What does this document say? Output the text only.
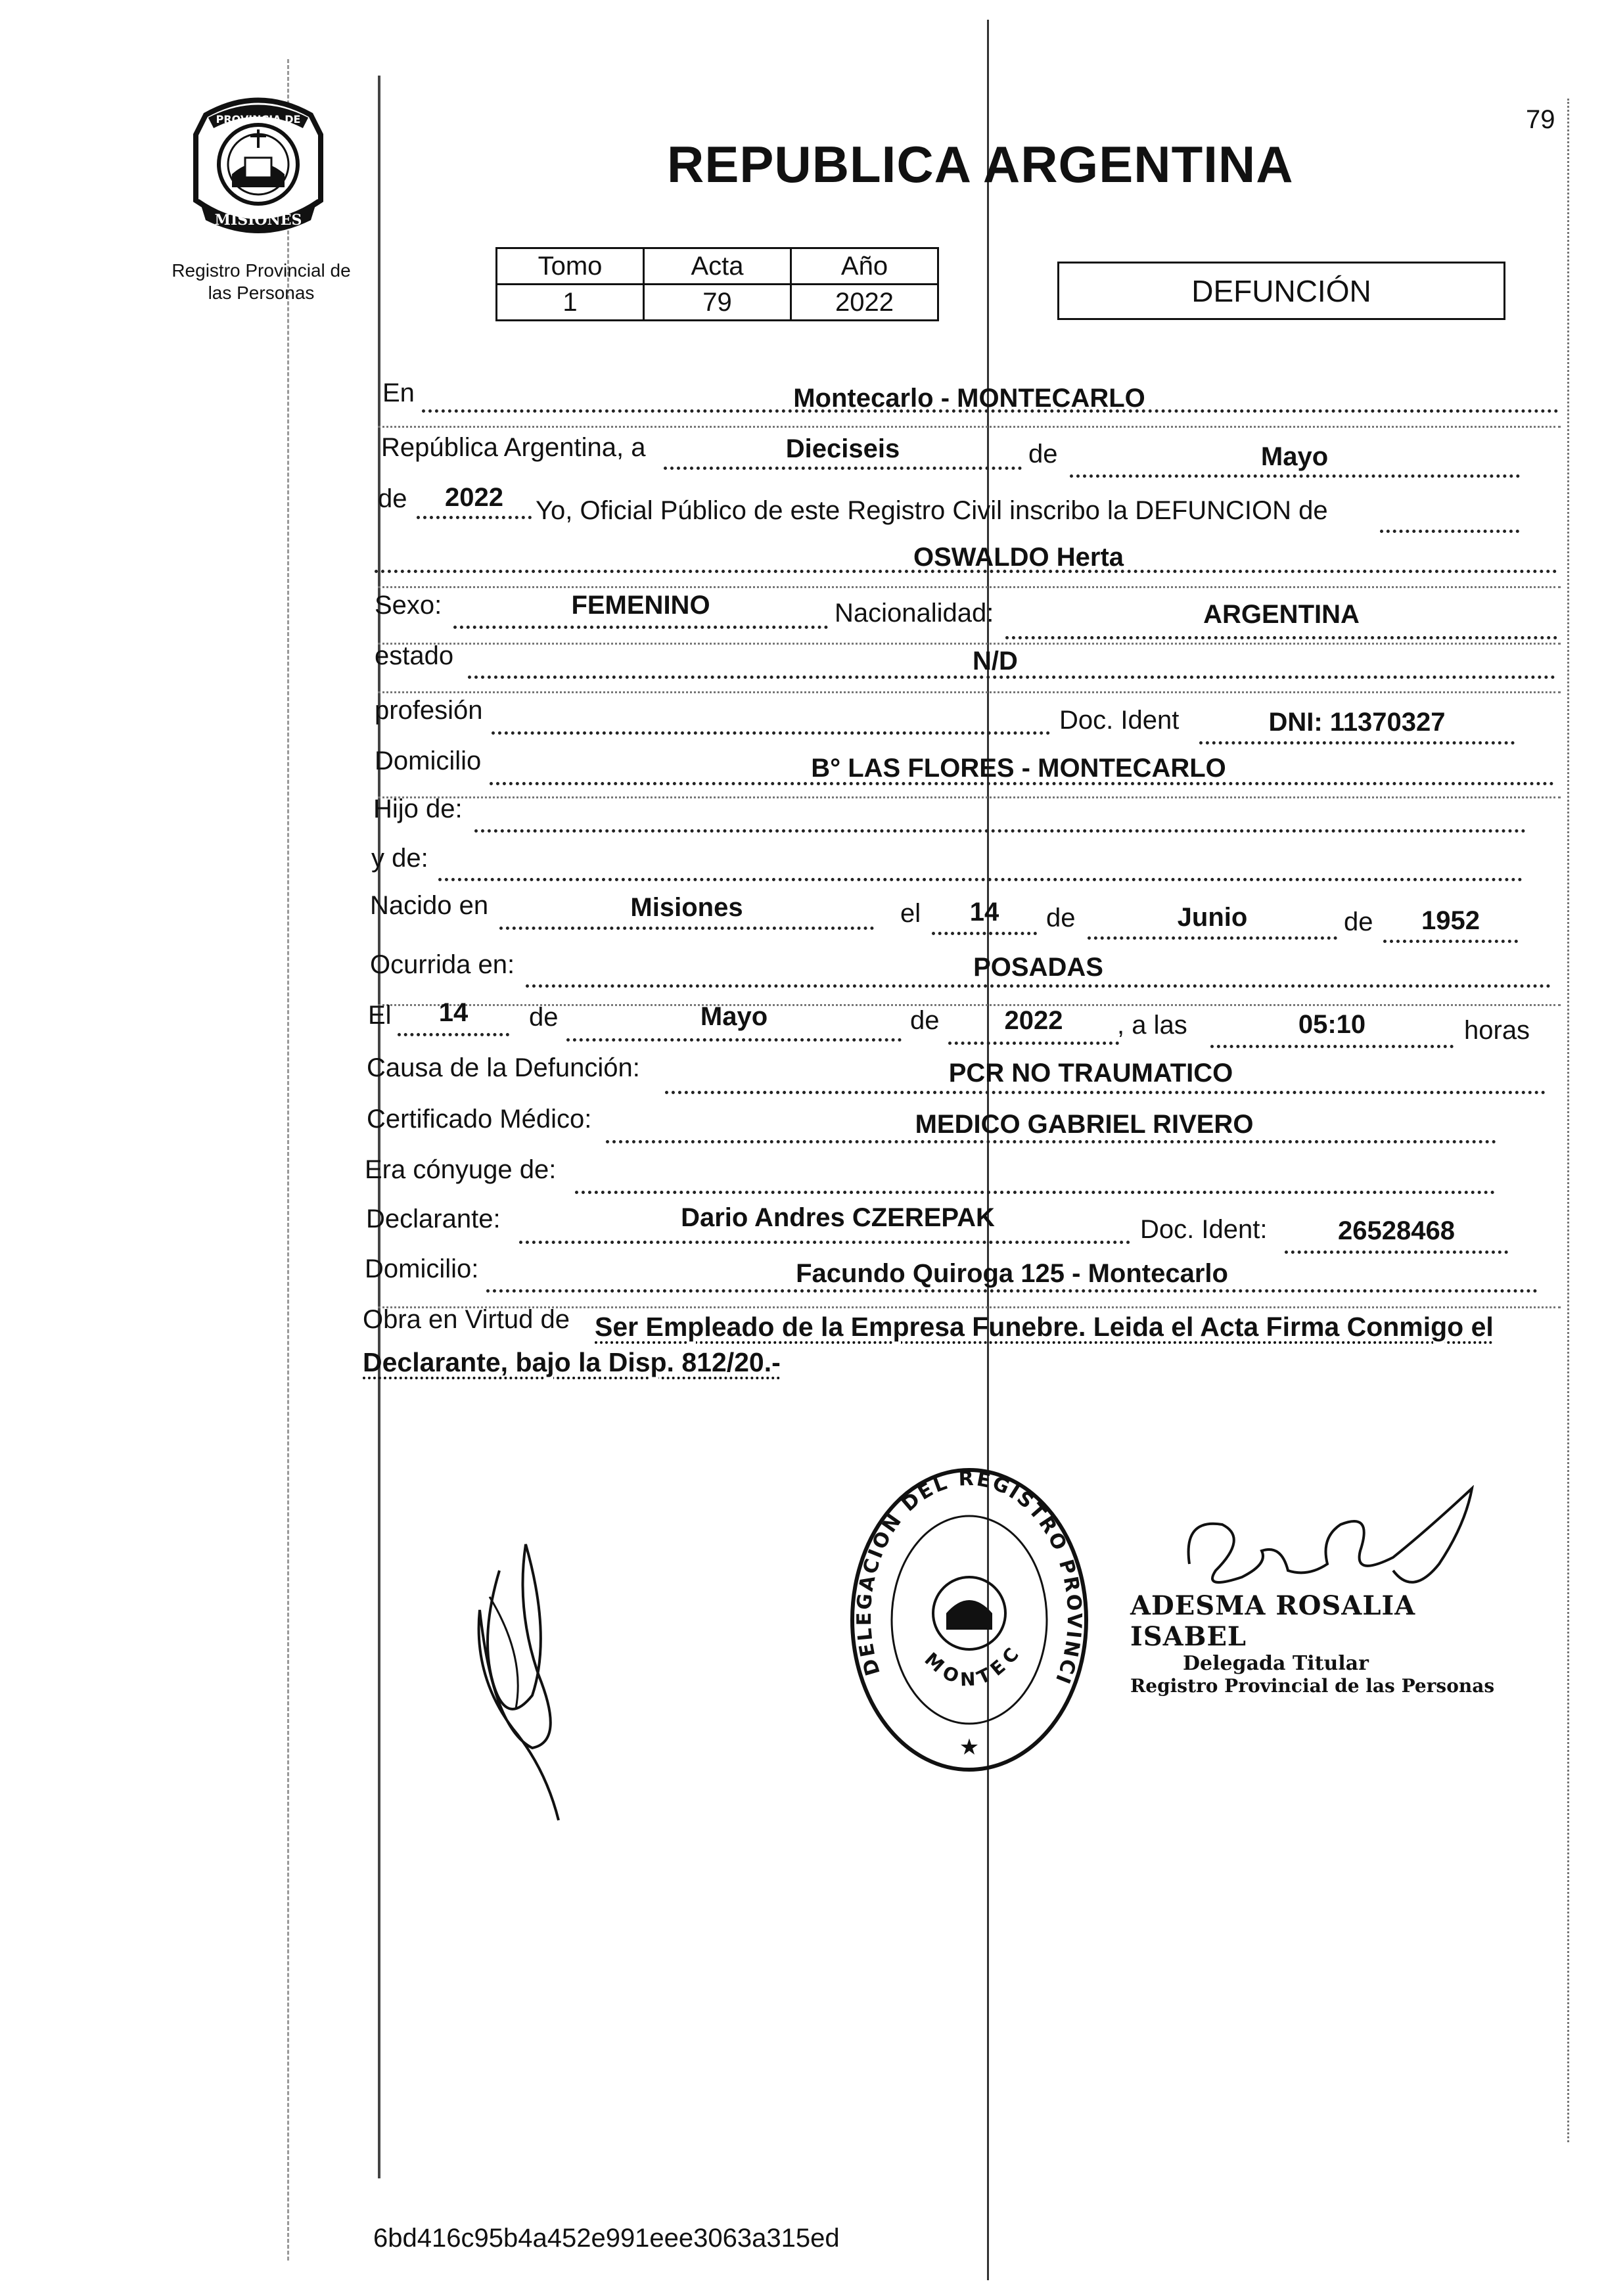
79
PROVINCIA DE
MISIONES
Registro Provincial de
las Personas
REPUBLICA ARGENTINA
Tomo	Acta	Año
1	79	2022	DEFUNCIÓN
En	Montecarlo - MONTECARLO
República Argentina, a	Dieciseis	de	Mayo
de	2022	Yo, Oficial Público de este Registro Civil inscribo la DEFUNCION de
OSWALDO Herta
Sexo:	FEMENINO	Nacionalidad:	ARGENTINA
estado	N/D
profesión	Doc. Ident	DNI: 11370327
Domicilio	B° LAS FLORES - MONTECARLO
Hijo de:
y de:
Nacido en	Misiones	el	14	de	Junio	de	1952
Ocurrida en:	POSADAS
El	14	de	Mayo	de	2022	, a las	05:10	horas
Causa de la Defunción:	PCR NO TRAUMATICO
Certificado Médico:	MEDICO GABRIEL RIVERO
Era cónyuge de:
Declarante:	Dario Andres CZEREPAK	Doc. Ident:	26528468
Domicilio:	Facundo Quiroga 125 - Montecarlo
Obra en Virtud de Ser Empleado de la Empresa Funebre. Leida el Acta Firma Conmigo el
Declarante, bajo la Disp. 812/20.-
DELEGACION DEL REGISTRO PROVINCI
MONTEC
★
ADESMA ROSALIA ISABEL
Delegada Titular
Registro Provincial de las Personas
6bd416c95b4a452e991eee3063a315ed
